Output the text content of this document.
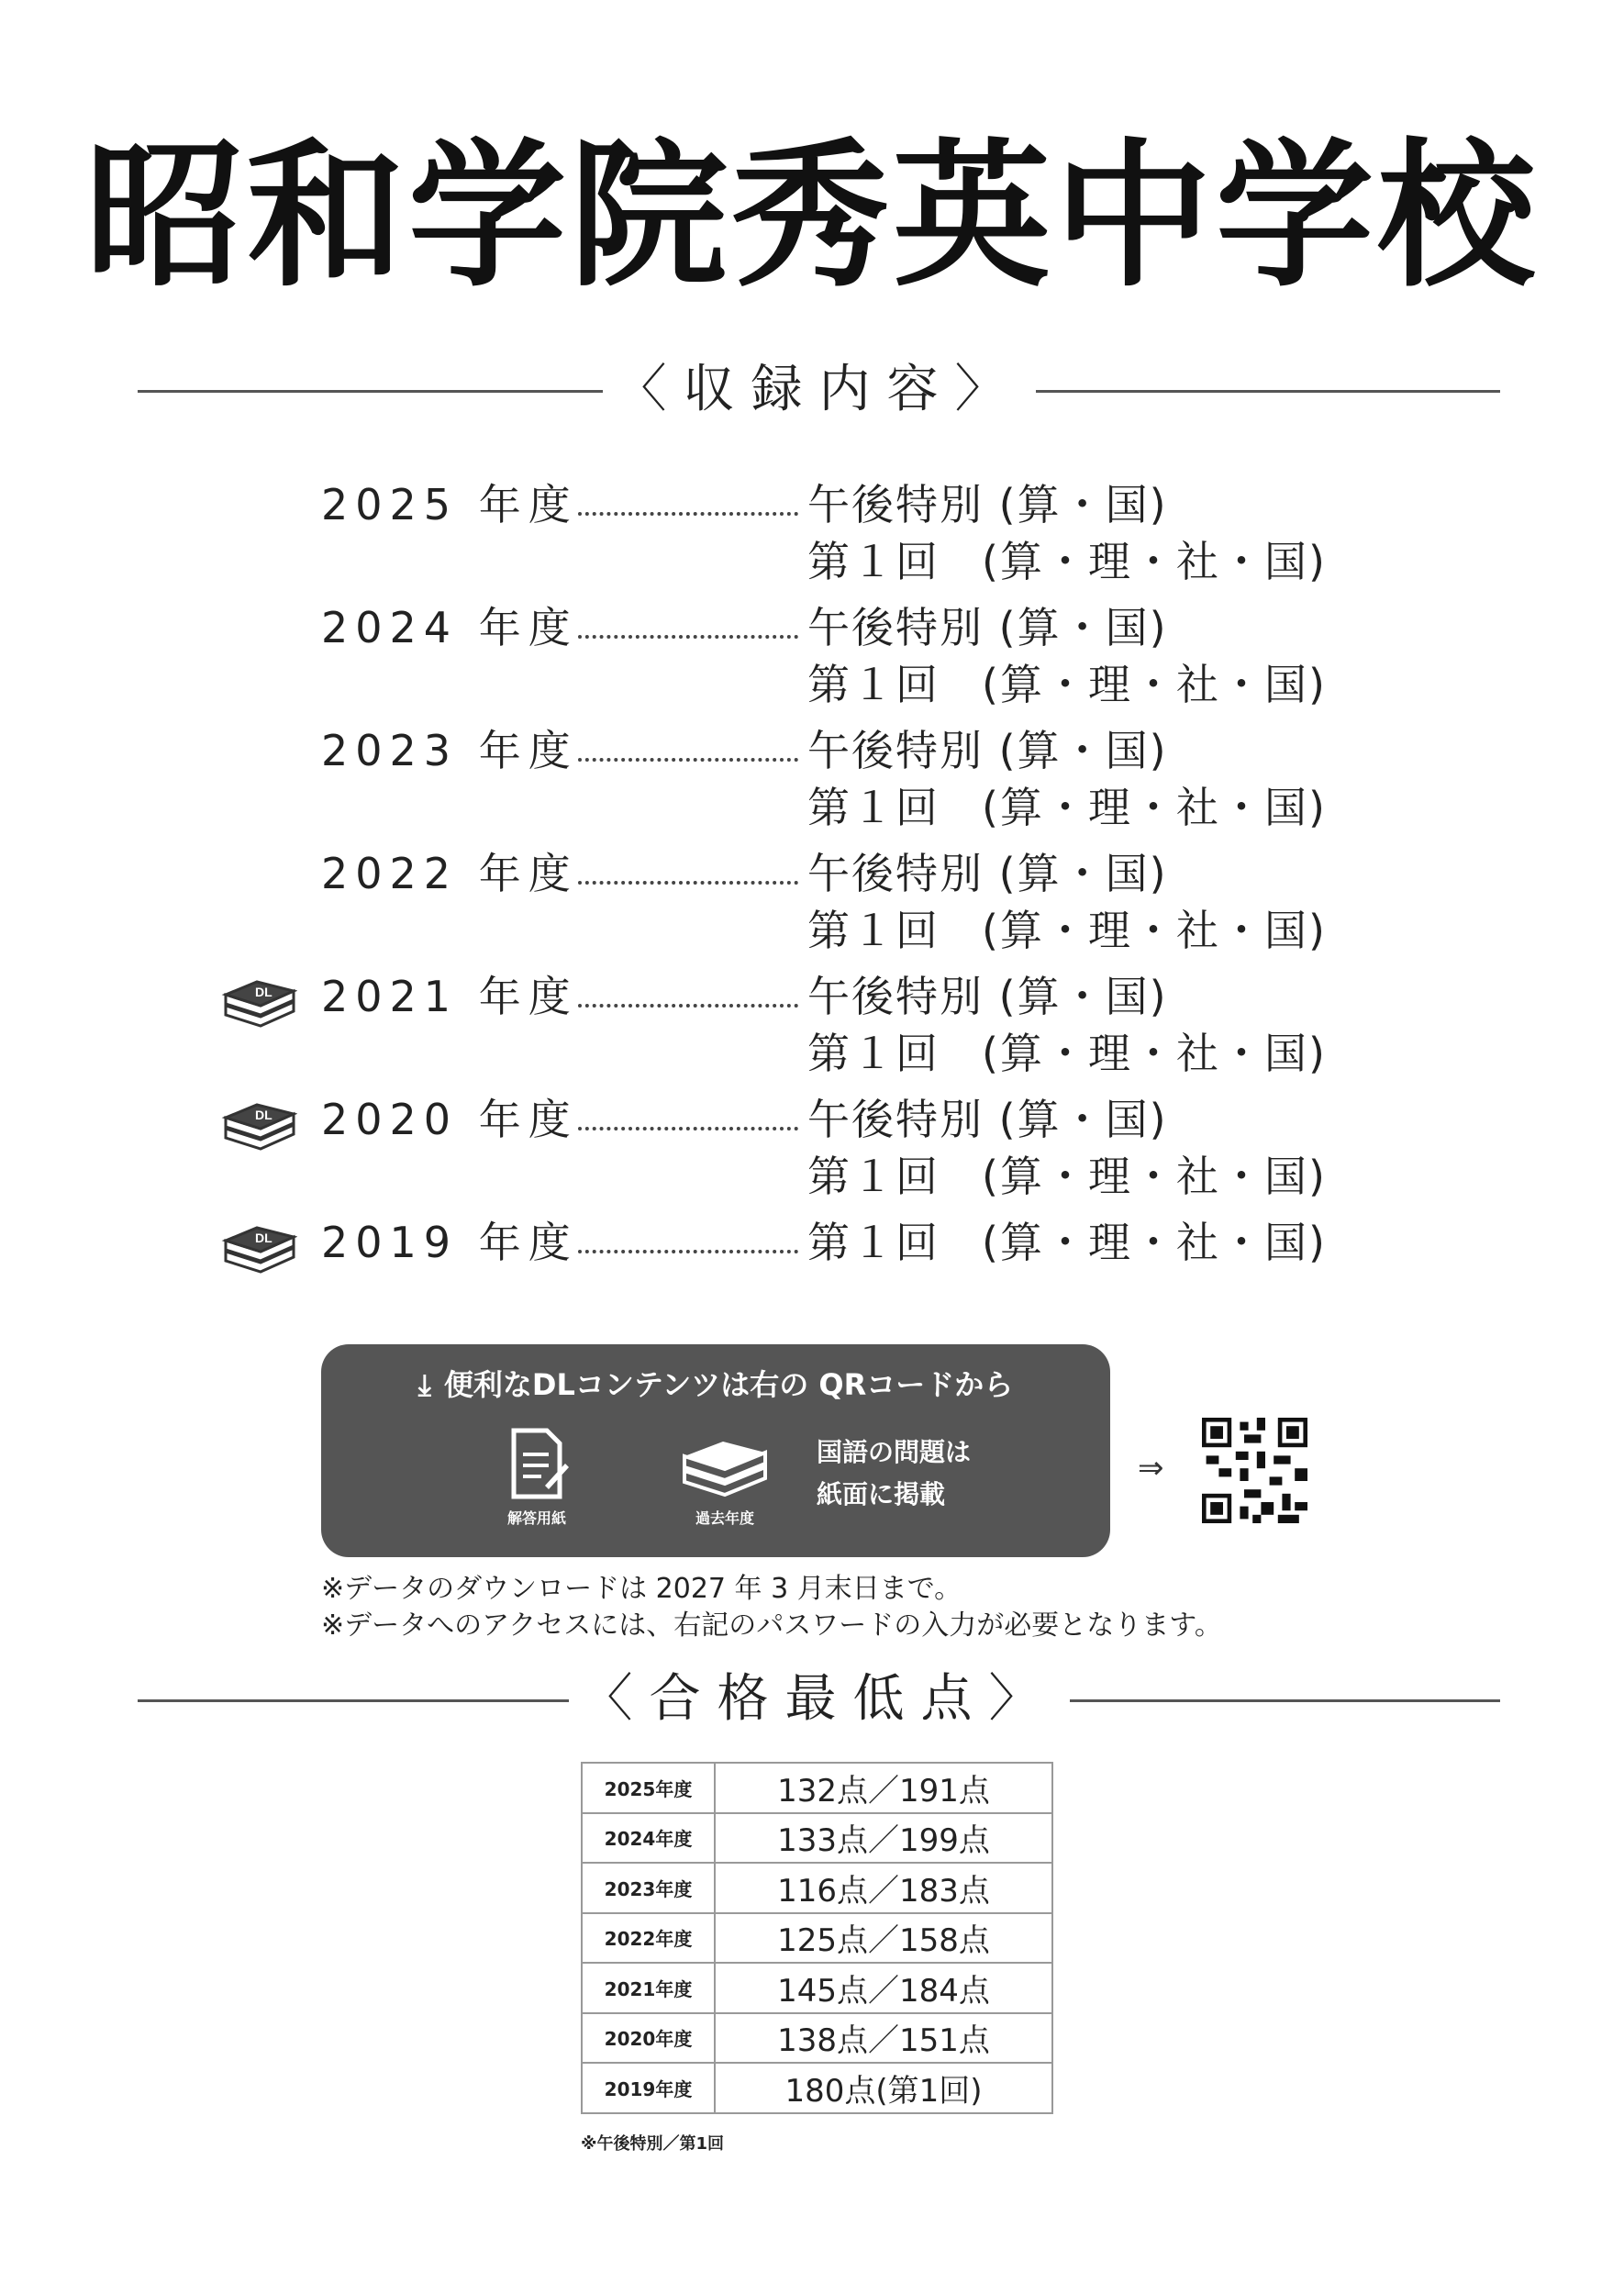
昭和学院秀英中学校
〈収録内容〉
2025 年度	午後特別 (算・国)
第１回 (算・理・社・国)
2024 年度	午後特別 (算・国)
第１回 (算・理・社・国)
2023 年度	午後特別 (算・国)
第１回 (算・理・社・国)
2022 年度	午後特別 (算・国)
第１回 (算・理・社・国)
DL 2021 年度	午後特別 (算・国)
第１回 (算・理・社・国)
DL 2020 年度	午後特別 (算・国)
第１回 (算・理・社・国)
DL 2019 年度	第１回 (算・理・社・国)
⤓ 便利なDLコンテンツは右の QRコードから
解答用紙	過去年度
国語の問題は
紙面に掲載
⇒
※データのダウンロードは 2027 年 3 月末日まで。
※データへのアクセスには、右記のパスワードの入力が必要となります。
〈合格最低点〉
2025年度	132点／191点
2024年度	133点／199点
2023年度	116点／183点
2022年度	125点／158点
2021年度	145点／184点
2020年度	138点／151点
2019年度	180点(第1回)
※午後特別／第1回
